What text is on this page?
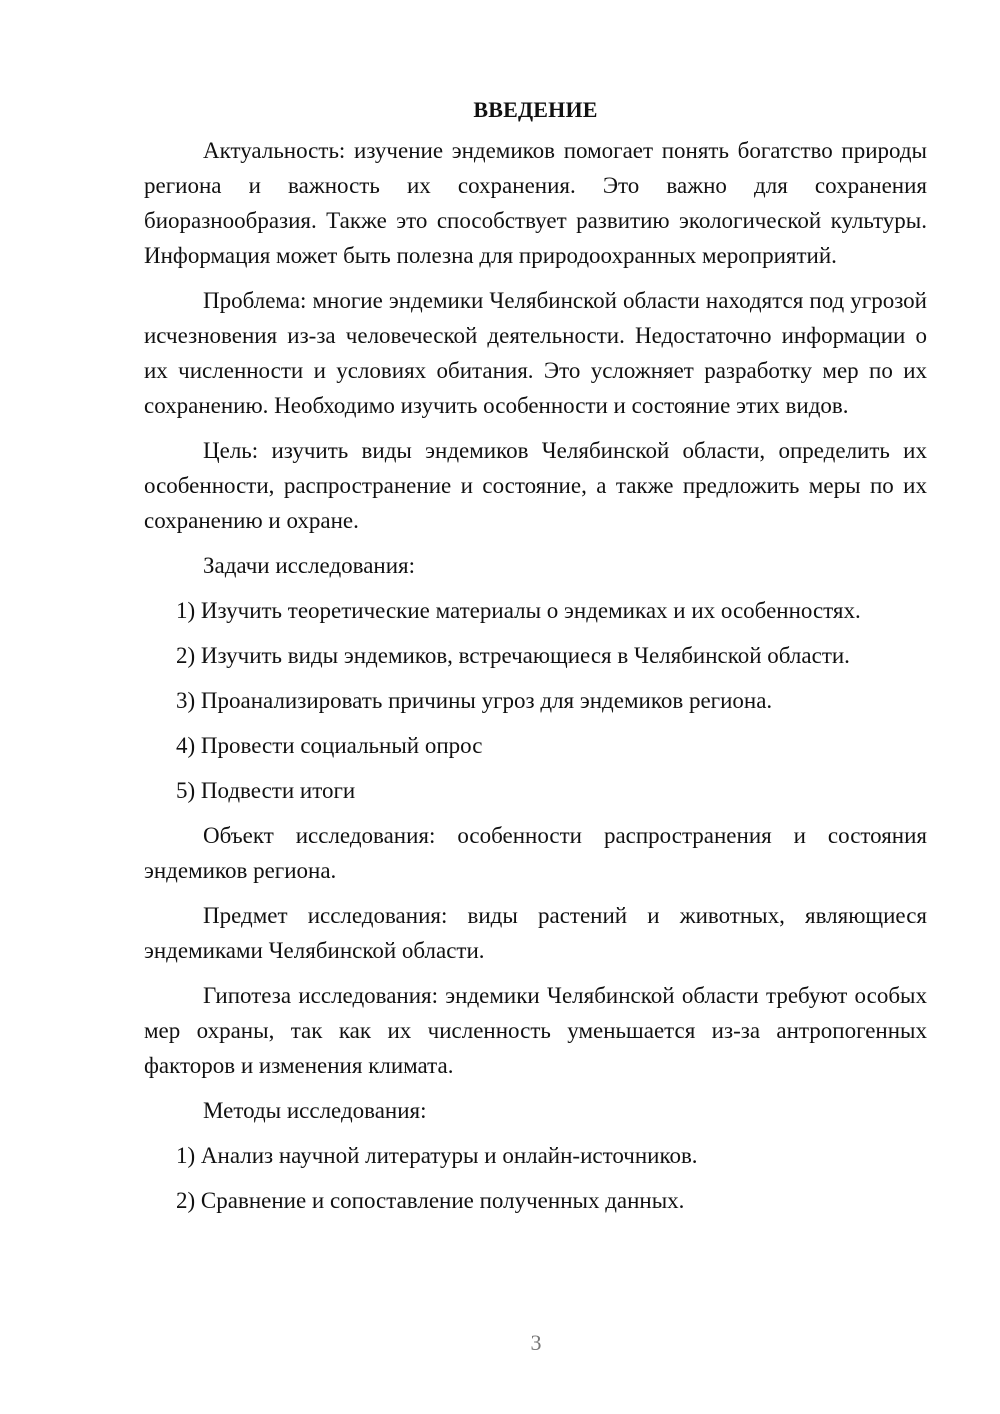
ВВЕДЕНИЕ

Актуальность: изучение эндемиков помогает понять богатство природы региона и важность их сохранения. Это важно для сохранения биоразнообразия. Также это способствует развитию экологической культуры. Информация может быть полезна для природоохранных мероприятий.

Проблема: многие эндемики Челябинской области находятся под угрозой исчезновения из-за человеческой деятельности. Недостаточно информации о их численности и условиях обитания. Это усложняет разработку мер по их сохранению. Необходимо изучить особенности и состояние этих видов.

Цель: изучить виды эндемиков Челябинской области, определить их особенности, распространение и состояние, а также предложить меры по их сохранению и охране.

Задачи исследования:

1) Изучить теоретические материалы о эндемиках и их особенностях.

2) Изучить виды эндемиков, встречающиеся в Челябинской области.

3) Проанализировать причины угроз для эндемиков региона.

4) Провести социальный опрос

5) Подвести итоги

Объект исследования: особенности распространения и состояния эндемиков региона.

Предмет исследования: виды растений и животных, являющиеся эндемиками Челябинской области.

Гипотеза исследования: эндемики Челябинской области требуют особых мер охраны, так как их численность уменьшается из-за антропогенных факторов и изменения климата.

Методы исследования:

1) Анализ научной литературы и онлайн-источников.

2) Сравнение и сопоставление полученных данных.

3
